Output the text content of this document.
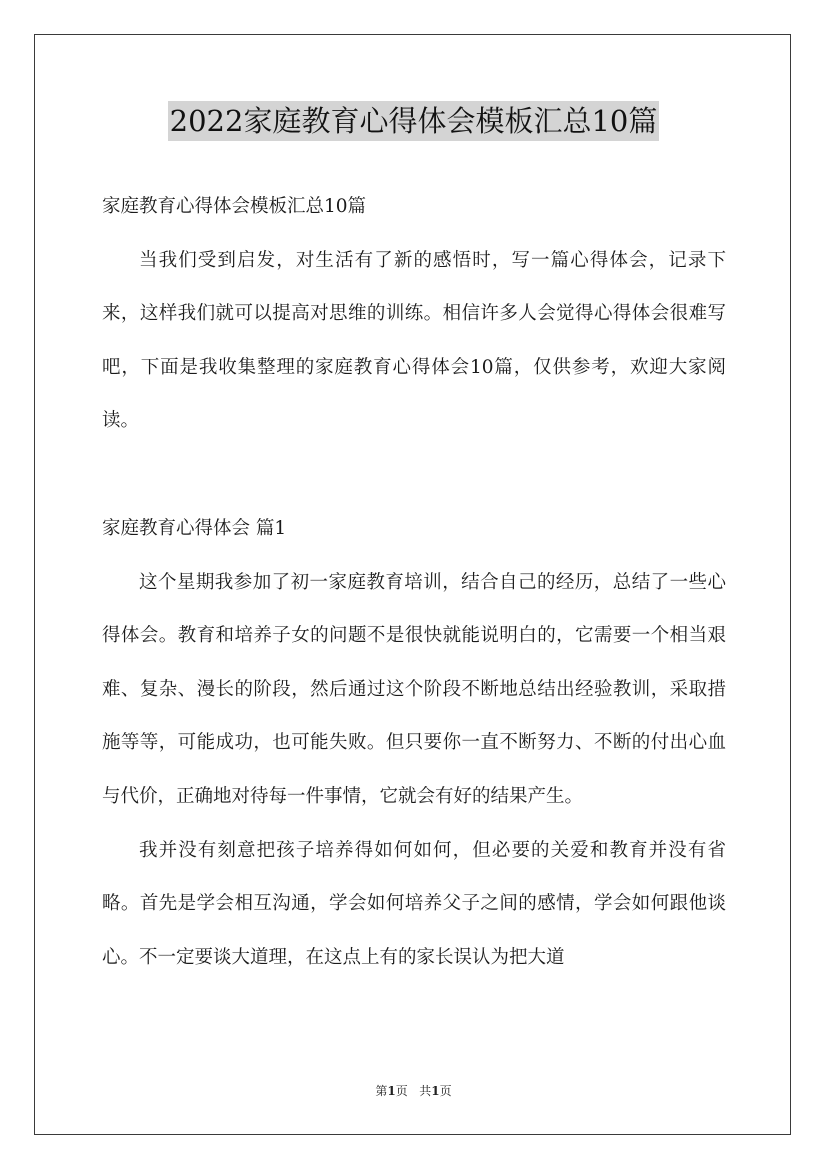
2022家庭教育心得体会模板汇总10篇

家庭教育心得体会模板汇总10篇

当我们受到启发，对生活有了新的感悟时，写一篇心得体会，记录下来，这样我们就可以提高对思维的训练。相信许多人会觉得心得体会很难写吧，下面是我收集整理的家庭教育心得体会10篇，仅供参考，欢迎大家阅读。

家庭教育心得体会 篇1

这个星期我参加了初一家庭教育培训，结合自己的经历，总结了一些心得体会。教育和培养子女的问题不是很快就能说明白的，它需要一个相当艰难、复杂、漫长的阶段，然后通过这个阶段不断地总结出经验教训，采取措施等等，可能成功，也可能失败。但只要你一直不断努力、不断的付出心血与代价，正确地对待每一件事情，它就会有好的结果产生。

我并没有刻意把孩子培养得如何如何，但必要的关爱和教育并没有省略。首先是学会相互沟通，学会如何培养父子之间的感情，学会如何跟他谈心。不一定要谈大道理，在这点上有的家长误认为把大道

第1页 共1页
